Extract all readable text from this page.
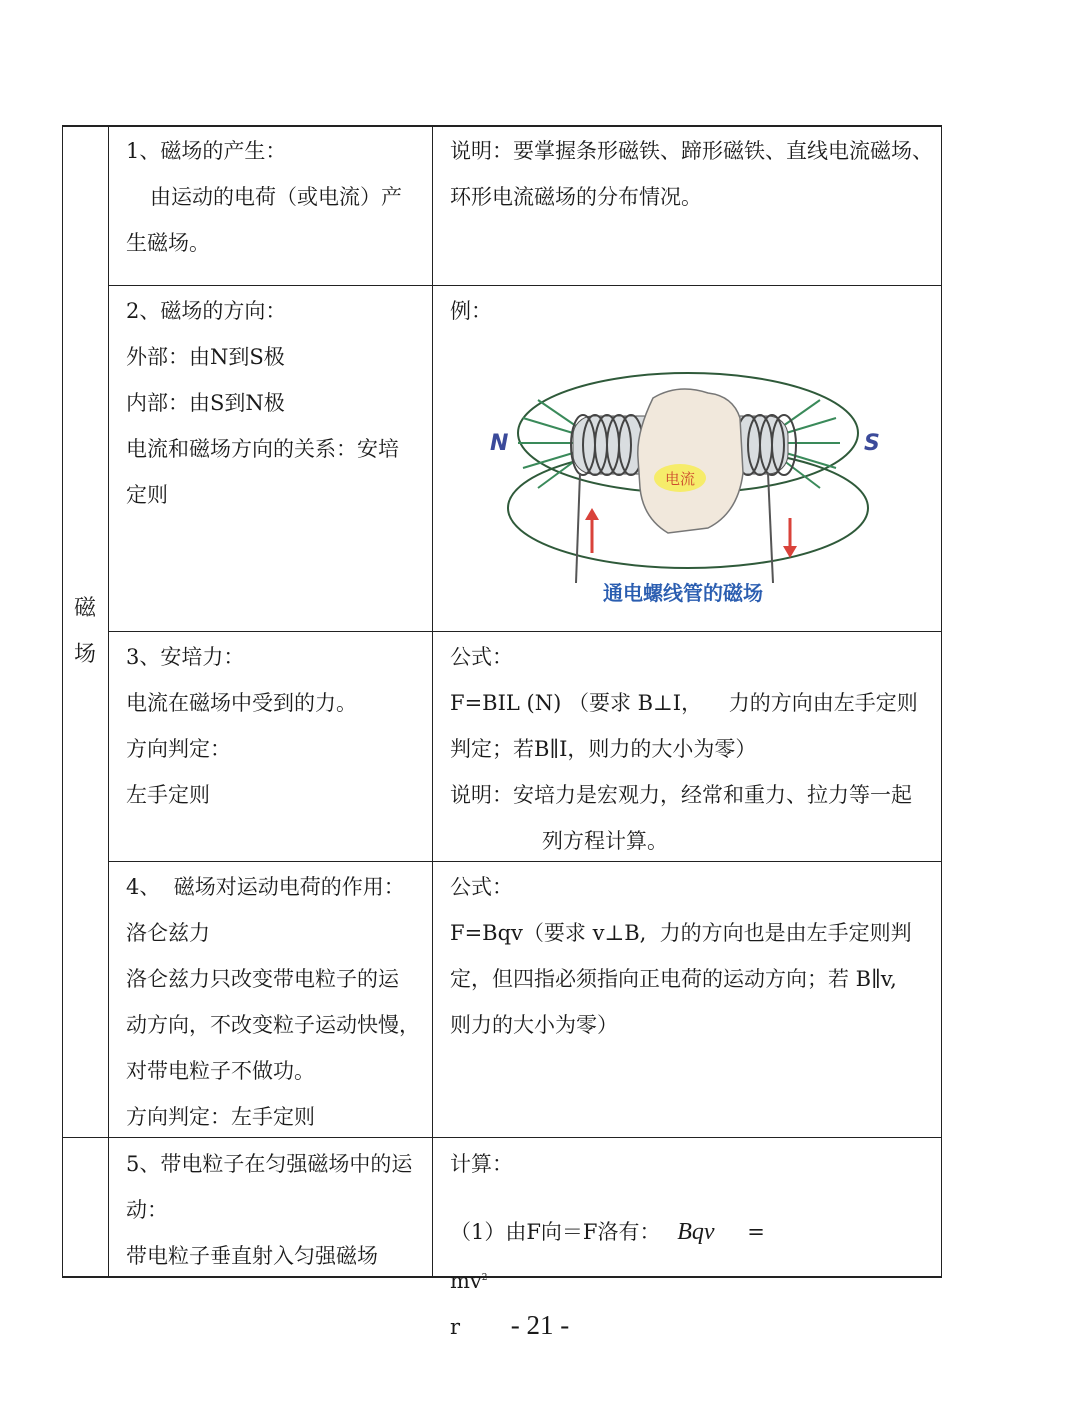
磁
场

1、磁场的产生：

由运动的电荷（或电流）产

生磁场。

说明：要掌握条形磁铁、蹄形磁铁、直线电流磁场、

环形电流磁场的分布情况。

2、磁场的方向：

外部：由N到S极

内部：由S到N极

电流和磁场方向的关系：安培

定则

例：

电流
N	S
通电螺线管的磁场

3、安培力：

电流在磁场中受到的力。

方向判定：

左手定则

公式：

F=BIL (N) （要求 B⊥I，    力的方向由左手定则

判定；若B∥I，则力的大小为零）

说明：安培力是宏观力，经常和重力、拉力等一起

列方程计算。

4、  磁场对运动电荷的作用：

洛仑兹力

洛仑兹力只改变带电粒子的运

动方向，不改变粒子运动快慢，

对带电粒子不做功。

方向判定：左手定则

公式：

F=Bqv（要求 v⊥B,  力的方向也是由左手定则判

定，但四指必须指向正电荷的运动方向；若 B∥v,

则力的大小为零）

5、带电粒子在匀强磁场中的运

动：

带电粒子垂直射入匀强磁场

计算：

（1）由F向＝F洛有： Bqv =

$mv^2$
r	- 21 -
